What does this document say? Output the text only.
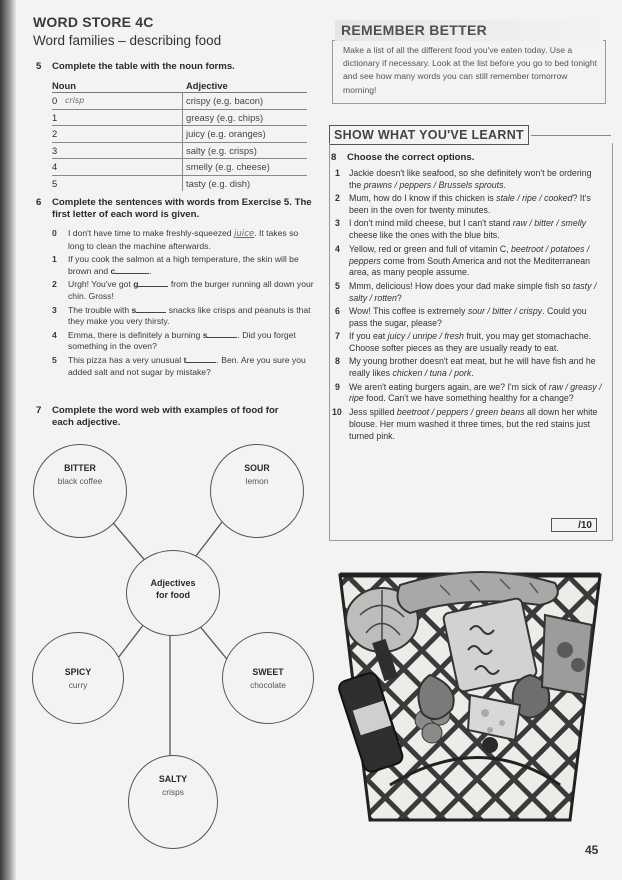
WORD STORE 4C
Word families – describing food
5 Complete the table with the noun forms.
Noun	Adjective
0 crisp	crispy (e.g. bacon)
1	greasy (e.g. chips)
2	juicy (e.g. oranges)
3	salty (e.g. crisps)
4	smelly (e.g. cheese)
5	tasty (e.g. dish)
6 Complete the sentences with words from Exercise 5. The first letter of each word is given.
0 I don't have time to make freshly-squeezed juice. It takes so long to clean the machine afterwards.
1 If you cook the salmon at a high temperature, the skin will be brown and c	.
2 Urgh! You've got g	from the burger running all down your chin. Gross!
3 The trouble with s	snacks like crisps and peanuts is that they make you very thirsty.
4 Emma, there is definitely a burning s	. Did you forget something in the oven?
5 This pizza has a very unusual t	. Ben. Are you sure you added salt and not sugar by mistake?
7 Complete the word web with examples of food for each adjective.
BITTER
black coffee
SOUR
lemon
Adjectives
for food
SPICY
curry
SWEET
chocolate
SALTY
crisps
REMEMBER BETTER
Make a list of all the different food you've eaten today. Use a dictionary if necessary. Look at the list before you go to bed tonight and see how many words you can still remember tomorrow morning!
SHOW WHAT YOU'VE LEARNT
8 Choose the correct options.
1 Jackie doesn't like seafood, so she definitely won't be ordering the prawns / peppers / Brussels sprouts.
2 Mum, how do I know if this chicken is stale / ripe / cooked? It's been in the oven for twenty minutes.
3 I don't mind mild cheese, but I can't stand raw / bitter / smelly cheese like the ones with the blue bits.
4 Yellow, red or green and full of vitamin C, beetroot / potatoes / peppers come from South America and not the Mediterranean area, as many people assume.
5 Mmm, delicious! How does your dad make simple fish so tasty / salty / rotten?
6 Wow! This coffee is extremely sour / bitter / crispy. Could you pass the sugar, please?
7 If you eat juicy / unripe / fresh fruit, you may get stomachache. Choose softer pieces as they are usually ready to eat.
8 My young brother doesn't eat meat, but he will have fish and he really likes chicken / tuna / pork.
9 We aren't eating burgers again, are we? I'm sick of raw / greasy / ripe food. Can't we have something healthy for a change?
10 Jess spilled beetroot / peppers / green beans all down her white blouse. Her mum washed it three times, but the red stains just turned pink.
/10
45
